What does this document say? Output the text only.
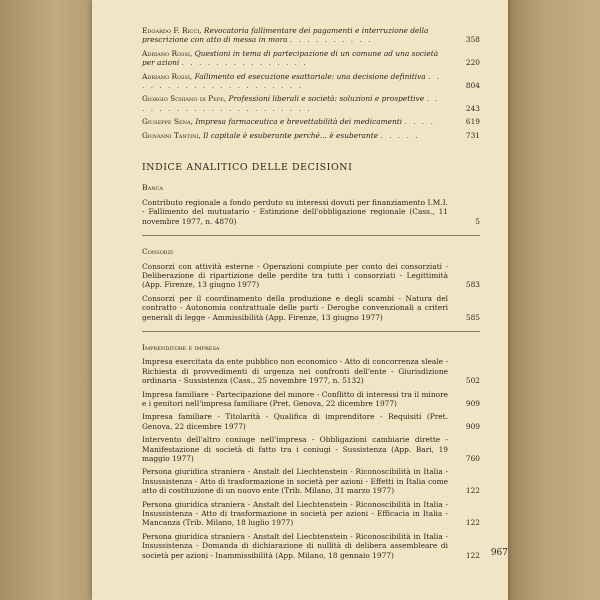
Edoardo F. Ricci, Revocatoria fallimentare dei pagamenti e interruzione della prescrizione con atto di messa in mora . . . . . . . . . .	358
Adriano Rossi, Questioni in tema di partecipazione di un comune ad una società per azioni . . . . . . . . . . . . . . .	220
Adriano Rossi, Fallimento ed esecuzione esattoriale: una decisione definitiva . . . . . . . . . . . . . . . . . . . . .	804
Giorgio Schiano di Pepe, Professioni liberali e società: soluzioni e prospettive . . . . . . . . . . . . . . . . . . . . . .	243
Giuseppe Sena, Impresa farmaceutica e brevettabilità dei medicamenti . . . .	619
Giovanni Tantini, Il capitale è esuberante perché... è esuberante . . . . .	731
INDICE ANALITICO DELLE DECISIONI
Banca
Contributo regionale a fondo perduto su interessi dovuti per finanziamento I.M.I. - Fallimento del mutuatario - Estinzione dell'obbligazione regionale (Cass., 11 novembre 1977, n. 4870)	5
Consorzi
Consorzi con attività esterne - Operazioni compiute per conto dei consorziati - Deliberazione di ripartizione delle perdite tra tutti i consorziati - Legittimità (App. Firenze, 13 giugno 1977)	583
Consorzi per il coordinamento della produzione e degli scambi - Natura del contratto - Autonomia contrattuale delle parti - Deroghe convenzionali a criteri generali di legge - Ammissibilità (App. Firenze, 13 giugno 1977)	585
Imprenditore e impresa
Impresa esercitata da ente pubblico non economico - Atto di concorrenza sleale - Richiesta di provvedimenti di urgenza nei confronti dell'ente - Giurisdizione ordinaria - Sussistenza (Cass., 25 novembre 1977, n. 5132)	502
Impresa familiare - Partecipazione del minore - Conflitto di interessi tra il minore e i genitori nell'impresa familiare (Pret. Genova, 22 dicembre 1977)	909
Impresa familiare - Titolarità - Qualifica di imprenditore - Requisiti (Pret. Genova, 22 dicembre 1977)	909
Intervento dell'altro coniuge nell'impresa - Obbligazioni cambiarie dirette - Manifestazione di società di fatto tra i coniugi - Sussistenza (App. Bari, 19 maggio 1977)	760
Persona giuridica straniera - Anstalt del Liechtenstein - Riconoscibilità in Italia - Insussistenza - Atto di trasformazione in società per azioni - Effetti in Italia come atto di costituzione di un nuovo ente (Trib. Milano, 31 marzo 1977)	122
Persona giuridica straniera - Anstalt del Liechtenstein - Riconoscibilità in Italia - Insussistenza - Atto di trasformazione in società per azioni - Efficacia in Italia - Mancanza (Trib. Milano, 18 luglio 1977)	122
Persona giuridica straniera - Anstalt del Liechtenstein - Riconoscibilità in Italia - Insussistenza - Domanda di dichiarazione di nullità di delibera assembleare di società per azioni - Inammissibilità (App. Milano, 18 gennaio 1977)	122	967
